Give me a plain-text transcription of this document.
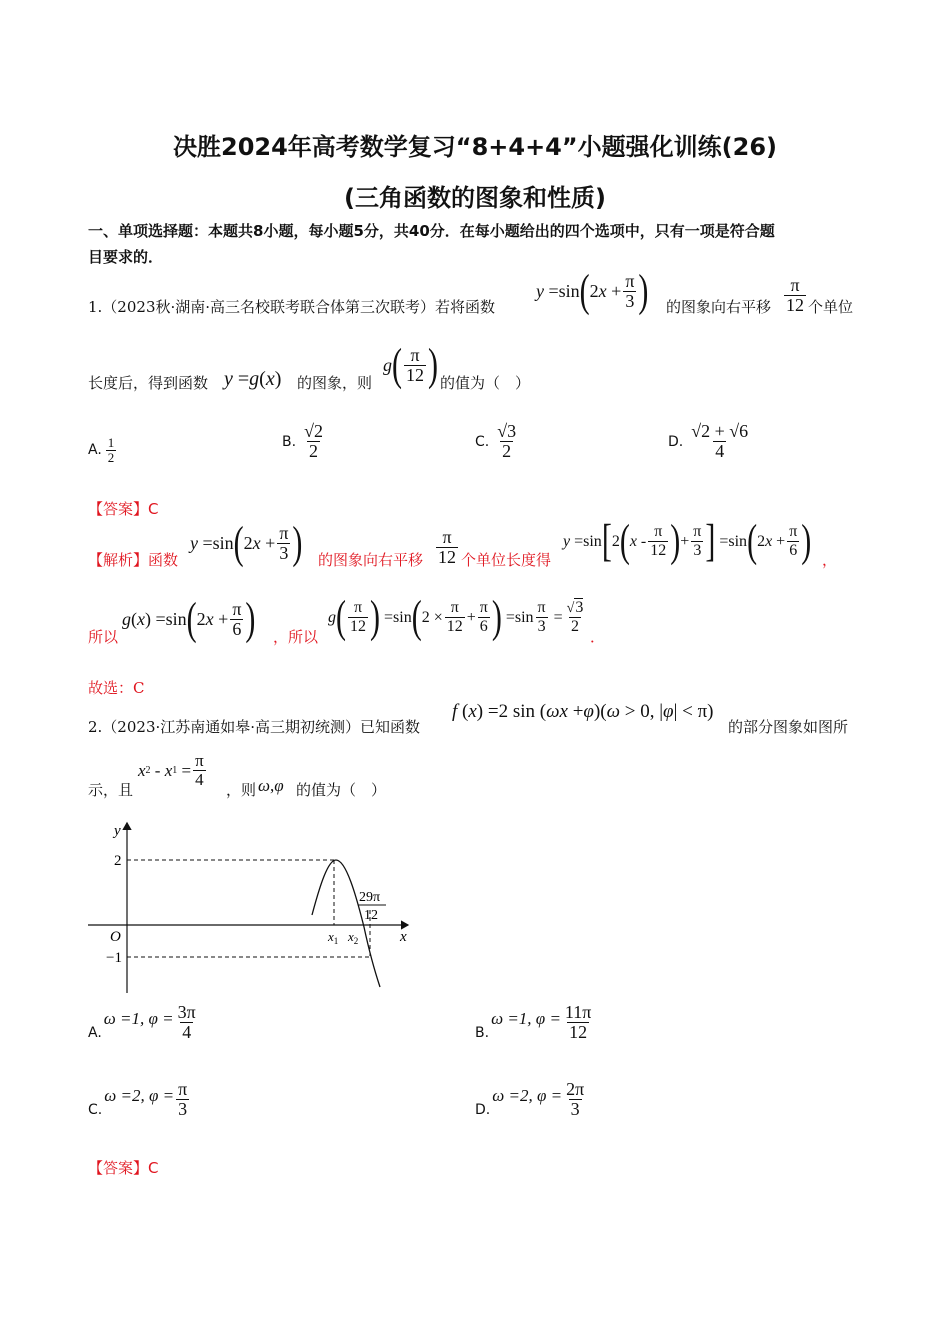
决胜2024年高考数学复习“8+4+4”小题强化训练(26)
(三角函数的图象和性质)
一、单项选择题：本题共8小题，每小题5分，共40分．在每小题给出的四个选项中，只有一项是符合题
目要求的．
1.（2023秋·湖南·高三名校联考联合体第三次联考）若将函数
y =sin ( 2 $x + \frac{\pi}{3}$ ) 的图象向右平移 $\frac{\pi}{12}$ 个单位
长度后，得到函数 y =g(x) 的图象，则
g ( $\frac{\pi}{12}$ ) 的值为（　）
A. $\frac{1}{2}$	B. $\frac{√2}{2}$	C. $\frac{√3}{2}$	D. $\frac{√2 + √6}{4}$
【答案】C
【解析】函数
y =sin ( 2 $x + \frac{\pi}{3}$ ) 的图象向右平移 $\frac{\pi}{12}$ 个单位长度得
y =sin [ 2 ( x - $\frac{\pi}{12}$ ) + $\frac{\pi}{3}$ ] =sin ( 2 $x + \frac{\pi}{6}$ ) ，
所以
g ( x ) =sin ( 2 $x + \frac{\pi}{6}$ ) ，所以
g ( $\frac{\pi}{12}$ ) =sin ( $2 \times \frac{\pi}{12} + \frac{\pi}{6}$ ) $=\sin \frac{\pi}{3} = \frac{√3}{2}$
．
故选：C
2.（2023·江苏南通如皋·高三期初统测）已知函数
f (x) =2 sin (ωx +φ)(ω > 0, |φ| < π)
的部分图象如图所
示，且
x 2 - x $1 = \frac{\pi}{4}$
，则 ω,φ 的值为（　）
y
x
O
2
−1
$x_1$ $x_2$
29π
12
A.
ω =1, $\varphi = \frac{3\pi}{4}$	B.
ω =1, $\varphi = \frac{11\pi}{12}$
C.
ω =2, $\varphi = \frac{\pi}{3}$	D.
ω =2, $\varphi = \frac{2\pi}{3}$
【答案】C
